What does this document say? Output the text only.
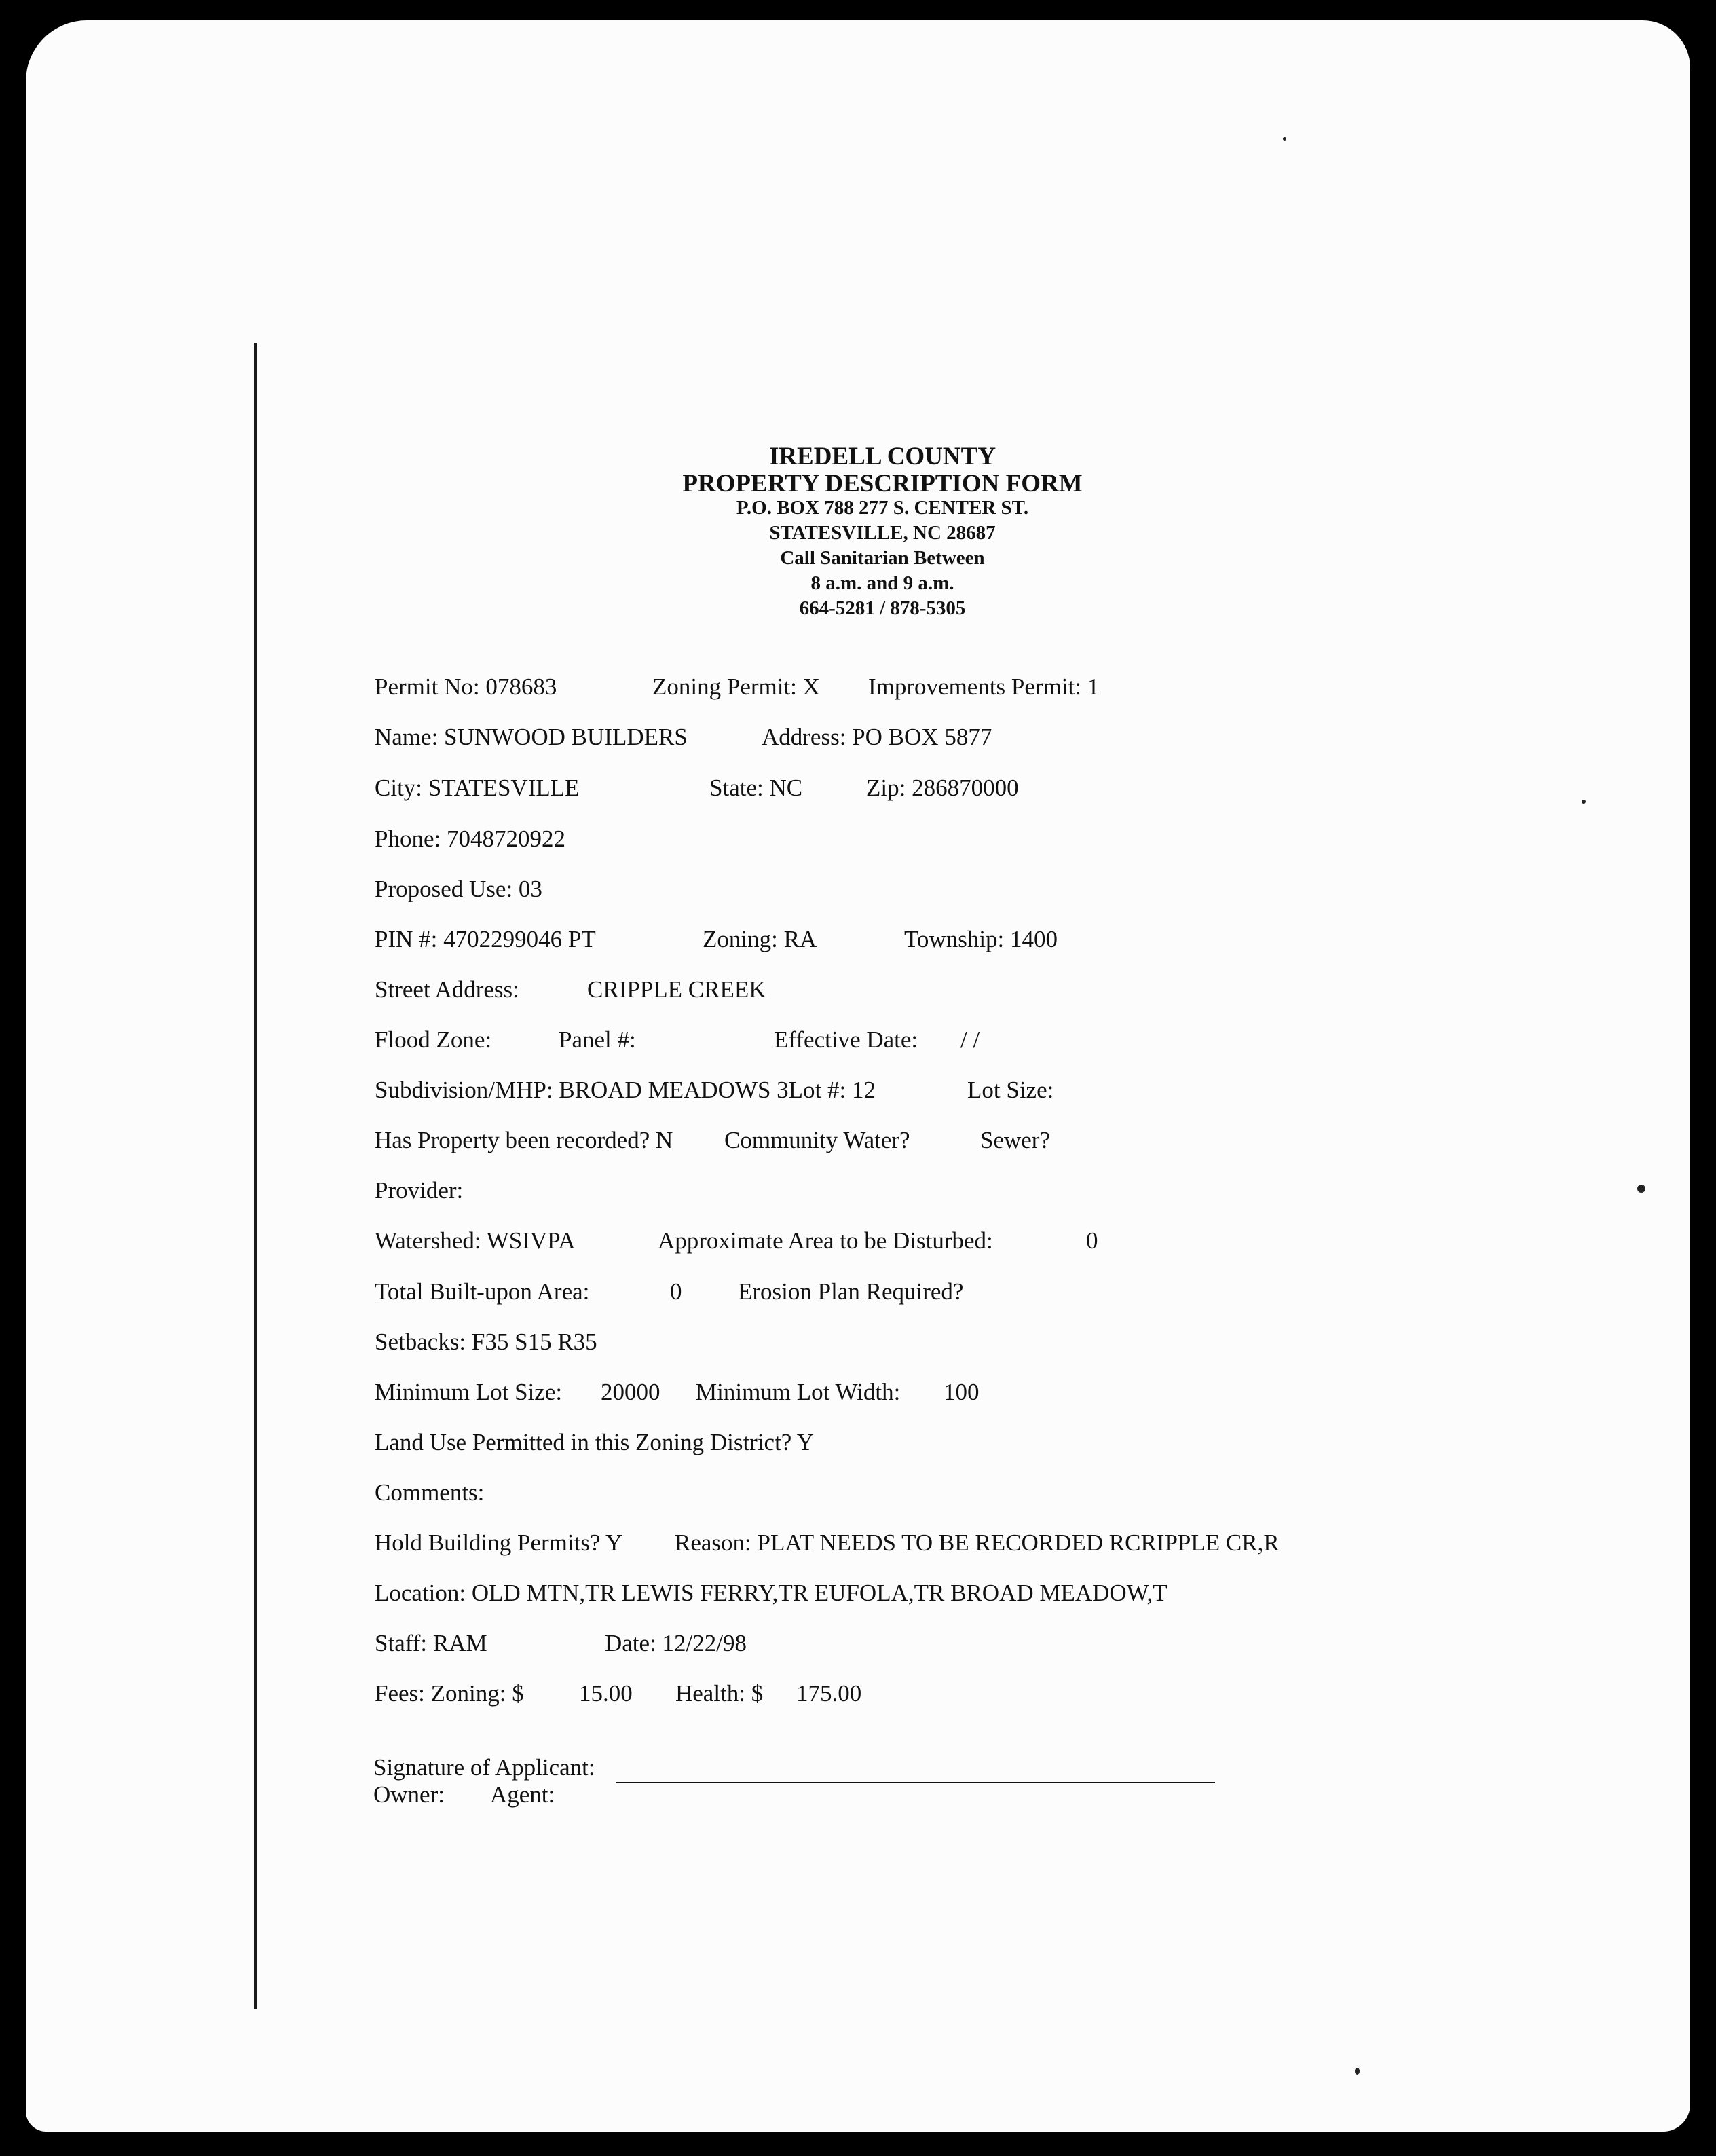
IREDELL COUNTY
PROPERTY DESCRIPTION FORM
P.O. BOX 788 277 S. CENTER ST.
STATESVILLE, NC 28687
Call Sanitarian Between
8 a.m. and 9 a.m.
664-5281 / 878-5305
Permit No: 078683	Zoning Permit: X Improvements Permit: 1
Name: SUNWOOD BUILDERS	Address: PO BOX 5877
City: STATESVILLE	State: NC	Zip: 286870000
Phone: 7048720922
Proposed Use: 03
PIN #: 4702299046 PT	Zoning: RA	Township: 1400
Street Address:	CRIPPLE CREEK
Flood Zone:	Panel #:	Effective Date: / /
Subdivision/MHP: BROAD MEADOWS 3Lot #: 12	Lot Size:
Has Property been recorded? N Community Water?	Sewer?
Provider:
Watershed: WSIVPA	Approximate Area to be Disturbed:	0
Total Built-upon Area:	0 Erosion Plan Required?
Setbacks: F35 S15 R35
Minimum Lot Size: 20000 Minimum Lot Width: 100
Land Use Permitted in this Zoning District? Y
Comments:
Hold Building Permits? Y Reason: PLAT NEEDS TO BE RECORDED RCRIPPLE CR,R
Location: OLD MTN,TR LEWIS FERRY,TR EUFOLA,TR BROAD MEADOW,T
Staff: RAM	Date: 12/22/98
Fees: Zoning: $ 15.00 Health: $ 175.00
Signature of Applicant:
Owner: Agent:
